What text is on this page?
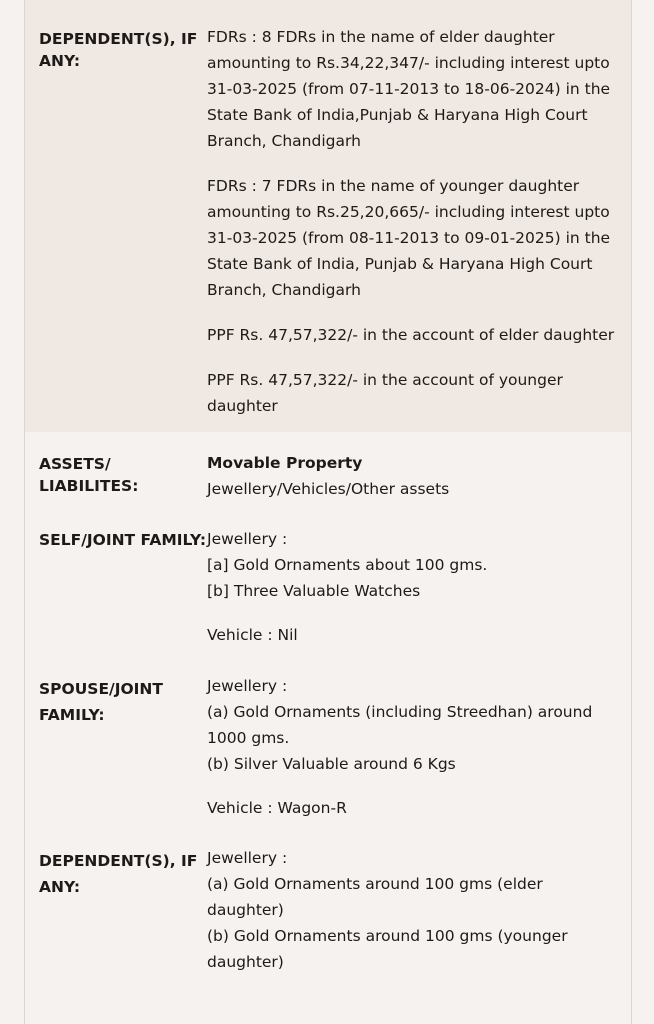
DEPENDENT(S), IF ANY:

FDRs : 8 FDRs in the name of elder daughter amounting to Rs.34,22,347/- including interest upto 31-03-2025 (from 07-11-2013 to 18-06-2024) in the State Bank of India,Punjab & Haryana High Court Branch, Chandigarh

FDRs : 7 FDRs in the name of younger daughter amounting to Rs.25,20,665/- including interest upto 31-03-2025 (from 08-11-2013 to 09-01-2025) in the State Bank of India, Punjab & Haryana High Court Branch, Chandigarh

PPF Rs. 47,57,322/- in the account of elder daughter

PPF Rs. 47,57,322/- in the account of younger daughter

ASSETS/ LIABILITES:

Movable Property

Jewellery/Vehicles/Other assets

SELF/JOINT FAMILY: Jewellery :

[a] Gold Ornaments about 100 gms.

[b] Three Valuable Watches

Vehicle : Nil

SPOUSE/JOINT FAMILY:

Jewellery :

(a) Gold Ornaments (including Streedhan) around 1000 gms.

(b) Silver Valuable around 6 Kgs

Vehicle : Wagon-R

DEPENDENT(S), IF ANY:

Jewellery :

(a) Gold Ornaments around 100 gms (elder daughter)

(b) Gold Ornaments around 100 gms (younger daughter)
